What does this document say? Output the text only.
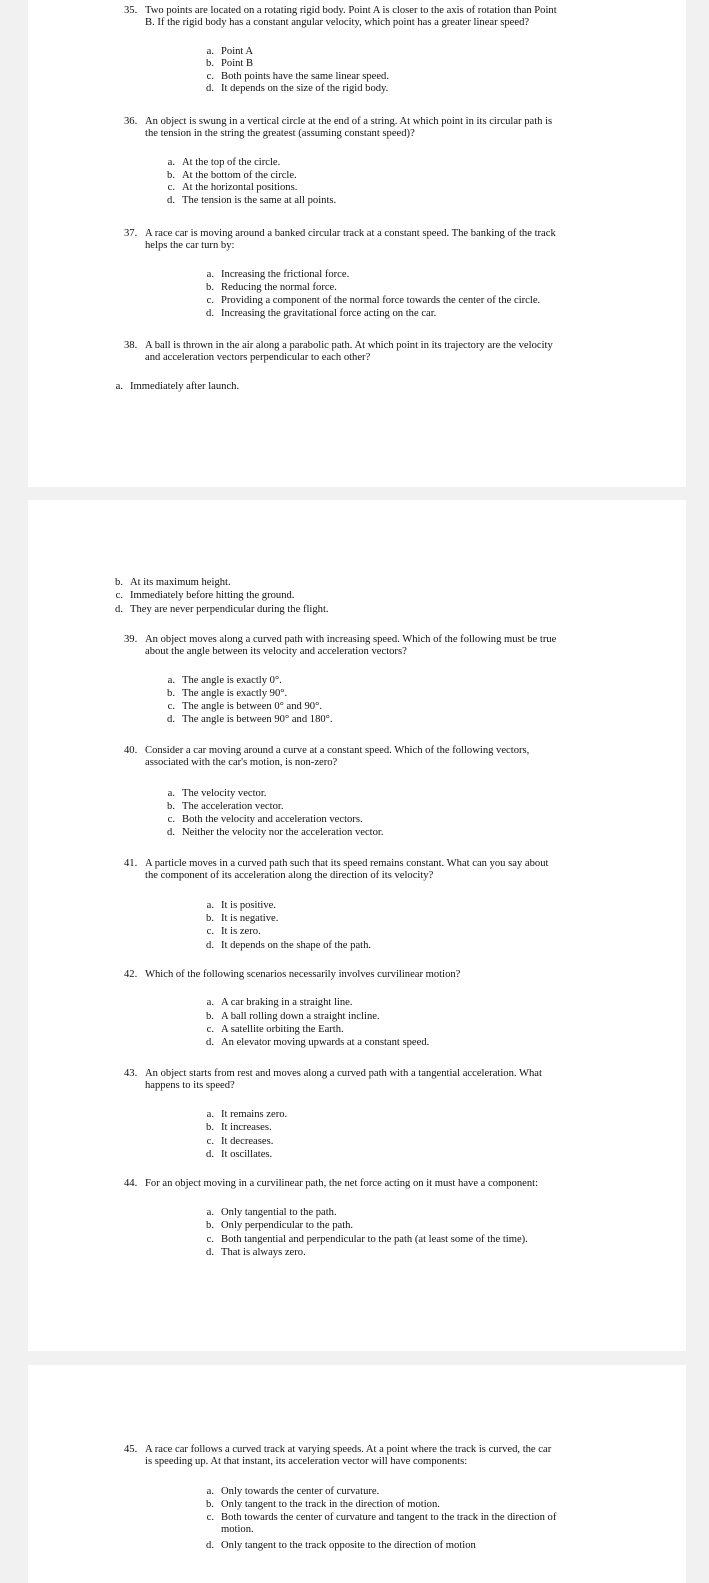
35. Two points are located on a rotating rigid body. Point A is closer to the axis of rotation than Point
B. If the rigid body has a constant angular velocity, which point has a greater linear speed?
a. Point A
b. Point B
c. Both points have the same linear speed.
d. It depends on the size of the rigid body.
36. An object is swung in a vertical circle at the end of a string. At which point in its circular path is
the tension in the string the greatest (assuming constant speed)?
a. At the top of the circle.
b. At the bottom of the circle.
c. At the horizontal positions.
d. The tension is the same at all points.
37. A race car is moving around a banked circular track at a constant speed. The banking of the track
helps the car turn by:
a. Increasing the frictional force.
b. Reducing the normal force.
c. Providing a component of the normal force towards the center of the circle.
d. Increasing the gravitational force acting on the car.
38. A ball is thrown in the air along a parabolic path. At which point in its trajectory are the velocity
and acceleration vectors perpendicular to each other?
a. Immediately after launch.
b. At its maximum height.
c. Immediately before hitting the ground.
d. They are never perpendicular during the flight.
39. An object moves along a curved path with increasing speed. Which of the following must be true
about the angle between its velocity and acceleration vectors?
a. The angle is exactly 0°.
b. The angle is exactly 90°.
c. The angle is between 0° and 90°.
d. The angle is between 90° and 180°.
40. Consider a car moving around a curve at a constant speed. Which of the following vectors,
associated with the car's motion, is non-zero?
a. The velocity vector.
b. The acceleration vector.
c. Both the velocity and acceleration vectors.
d. Neither the velocity nor the acceleration vector.
41. A particle moves in a curved path such that its speed remains constant. What can you say about
the component of its acceleration along the direction of its velocity?
a. It is positive.
b. It is negative.
c. It is zero.
d. It depends on the shape of the path.
42. Which of the following scenarios necessarily involves curvilinear motion?
a. A car braking in a straight line.
b. A ball rolling down a straight incline.
c. A satellite orbiting the Earth.
d. An elevator moving upwards at a constant speed.
43. An object starts from rest and moves along a curved path with a tangential acceleration. What
happens to its speed?
a. It remains zero.
b. It increases.
c. It decreases.
d. It oscillates.
44. For an object moving in a curvilinear path, the net force acting on it must have a component:
a. Only tangential to the path.
b. Only perpendicular to the path.
c. Both tangential and perpendicular to the path (at least some of the time).
d. That is always zero.
45. A race car follows a curved track at varying speeds. At a point where the track is curved, the car
is speeding up. At that instant, its acceleration vector will have components:
a. Only towards the center of curvature.
b. Only tangent to the track in the direction of motion.
c. Both towards the center of curvature and tangent to the track in the direction of
motion.
d. Only tangent to the track opposite to the direction of motion
